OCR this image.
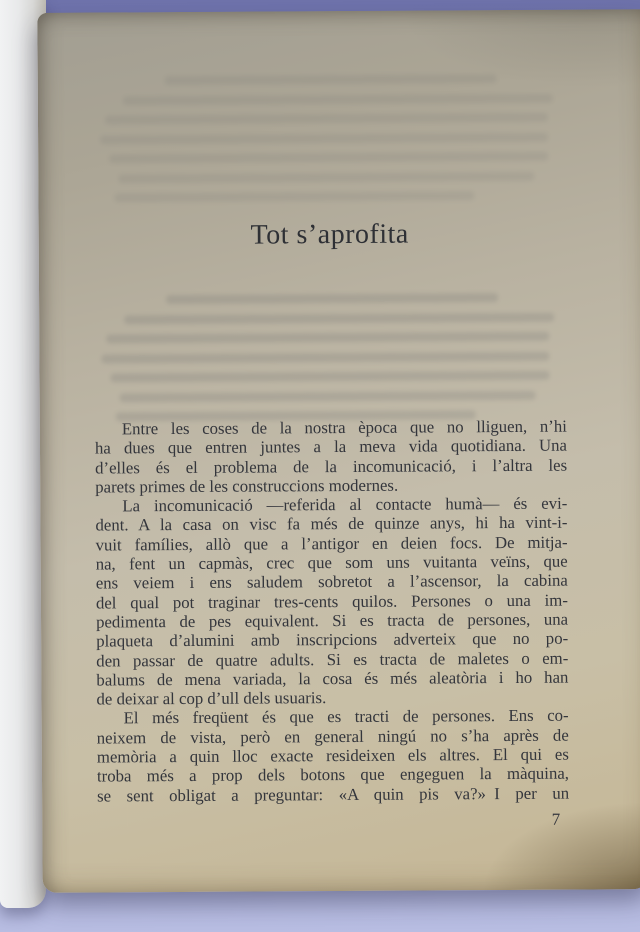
Tot s’aprofita
Entre les coses de la nostra època que no lliguen, n’hi
ha dues que entren juntes a la meva vida quotidiana. Una
d’elles és el problema de la incomunicació, i l’altra les
parets primes de les construccions modernes.
La incomunicació —referida al contacte humà— és evi-
dent. A la casa on visc fa més de quinze anys, hi ha vint-i-
vuit famílies, allò que a l’antigor en deien focs. De mitja-
na, fent un capmàs, crec que som uns vuitanta veïns, que
ens veiem i ens saludem sobretot a l’ascensor, la cabina
del qual pot traginar tres-cents quilos. Persones o una im-
pedimenta de pes equivalent. Si es tracta de persones, una
plaqueta d’alumini amb inscripcions adverteix que no po-
den passar de quatre adults. Si es tracta de maletes o em-
balums de mena variada, la cosa és més aleatòria i ho han
de deixar al cop d’ull dels usuaris.
El més freqüent és que es tracti de persones. Ens co-
neixem de vista, però en general ningú no s’ha après de
memòria a quin lloc exacte resideixen els altres. El qui es
troba més a prop dels botons que engeguen la màquina,
se sent obligat a preguntar: «A quin pis va?» I per un
7
